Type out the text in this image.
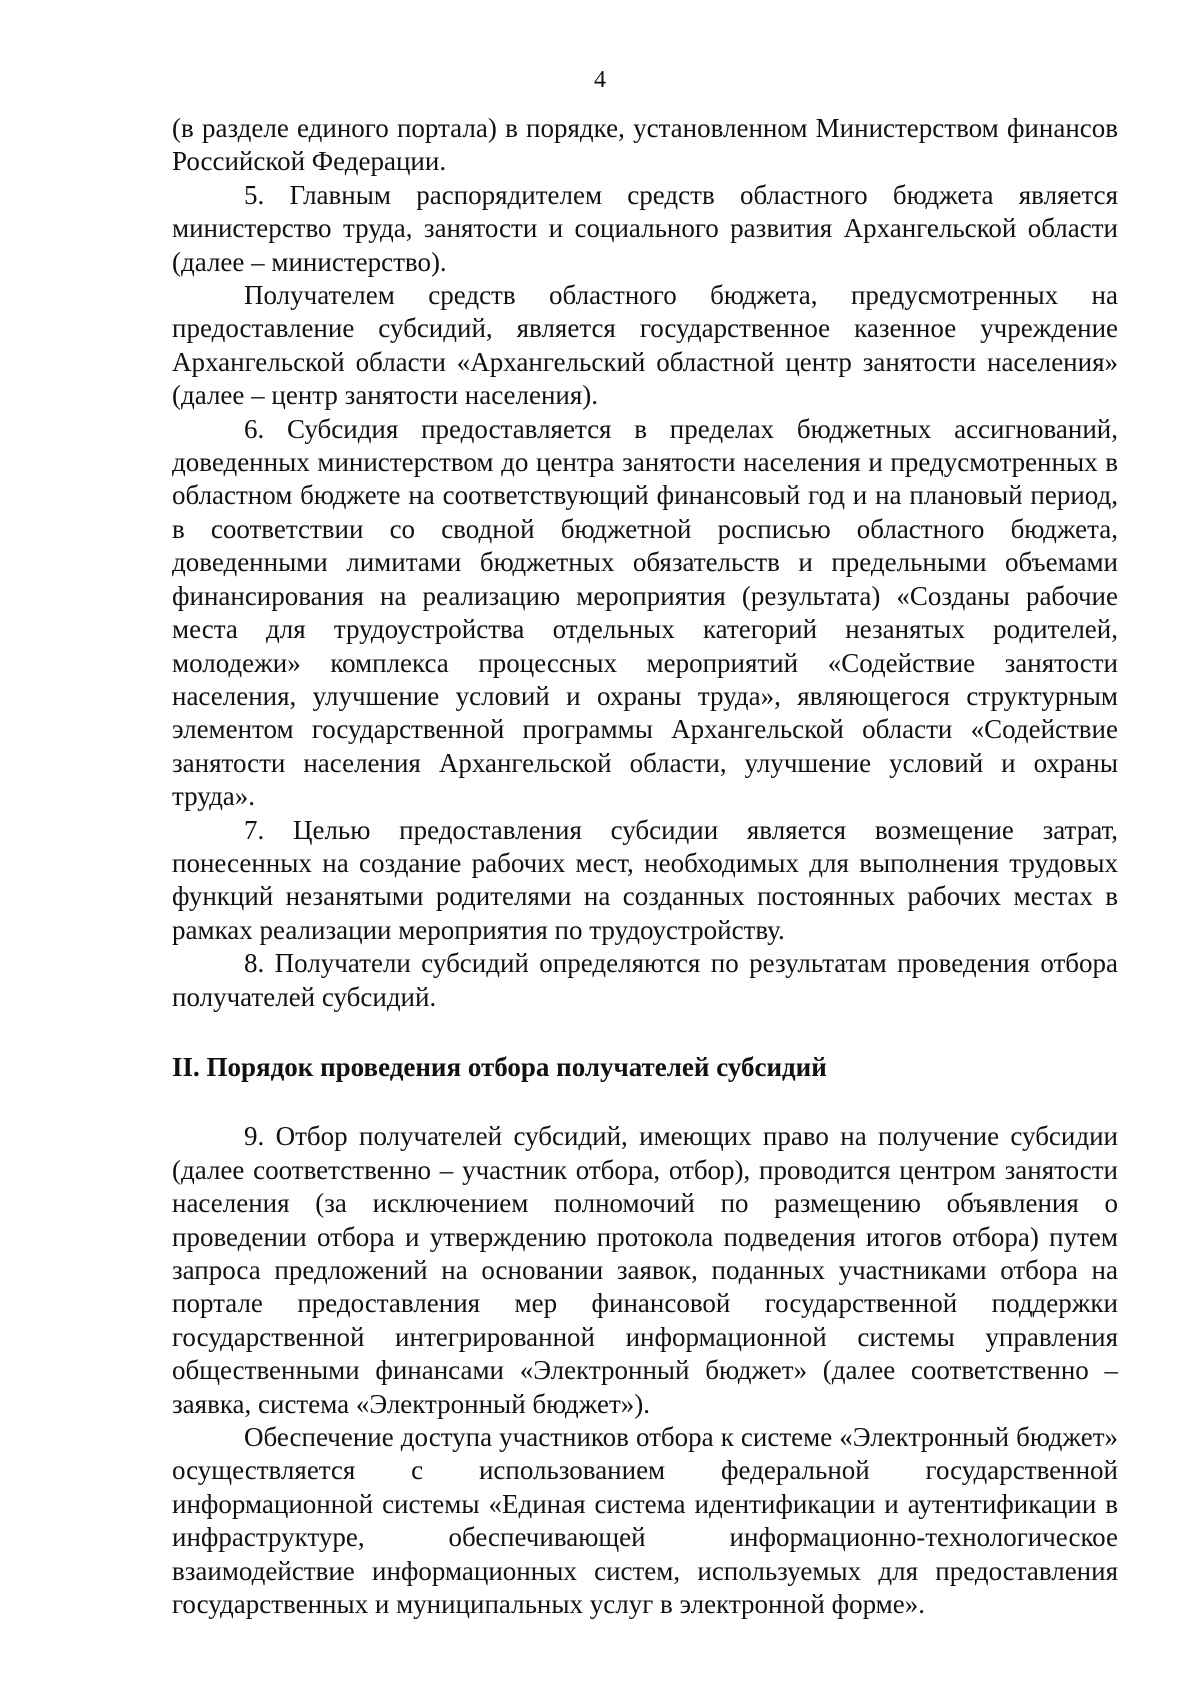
4

(в разделе единого портала) в порядке, установленном Министерством финансов Российской Федерации.

5. Главным распорядителем средств областного бюджета является министерство труда, занятости и социального развития Архангельской области (далее – министерство).

Получателем средств областного бюджета, предусмотренных на предоставление субсидий, является государственное казенное учреждение Архангельской области «Архангельский областной центр занятости населения» (далее – центр занятости населения).

6. Субсидия предоставляется в пределах бюджетных ассигнований, доведенных министерством до центра занятости населения и предусмотренных в областном бюджете на соответствующий финансовый год и на плановый период, в соответствии со сводной бюджетной росписью областного бюджета, доведенными лимитами бюджетных обязательств и предельными объемами финансирования на реализацию мероприятия (результата) «Созданы рабочие места для трудоустройства отдельных категорий незанятых родителей, молодежи» комплекса процессных мероприятий «Содействие занятости населения, улучшение условий и охраны труда», являющегося структурным элементом государственной программы Архангельской области «Содействие занятости населения Архангельской области, улучшение условий и охраны труда».

7. Целью предоставления субсидии является возмещение затрат, понесенных на создание рабочих мест, необходимых для выполнения трудовых функций незанятыми родителями на созданных постоянных рабочих местах в рамках реализации мероприятия по трудоустройству.

8. Получатели субсидий определяются по результатам проведения отбора получателей субсидий.

II. Порядок проведения отбора получателей субсидий

9. Отбор получателей субсидий, имеющих право на получение субсидии (далее соответственно – участник отбора, отбор), проводится центром занятости населения (за исключением полномочий по размещению объявления о проведении отбора и утверждению протокола подведения итогов отбора) путем запроса предложений на основании заявок, поданных участниками отбора на портале предоставления мер финансовой государственной поддержки государственной интегрированной информационной системы управления общественными финансами «Электронный бюджет» (далее соответственно – заявка, система «Электронный бюджет»).

Обеспечение доступа участников отбора к системе «Электронный бюджет» осуществляется с использованием федеральной государственной информационной системы «Единая система идентификации и аутентификации в инфраструктуре, обеспечивающей информационно-технологическое взаимодействие информационных систем, используемых для предоставления государственных и муниципальных услуг в электронной форме».
